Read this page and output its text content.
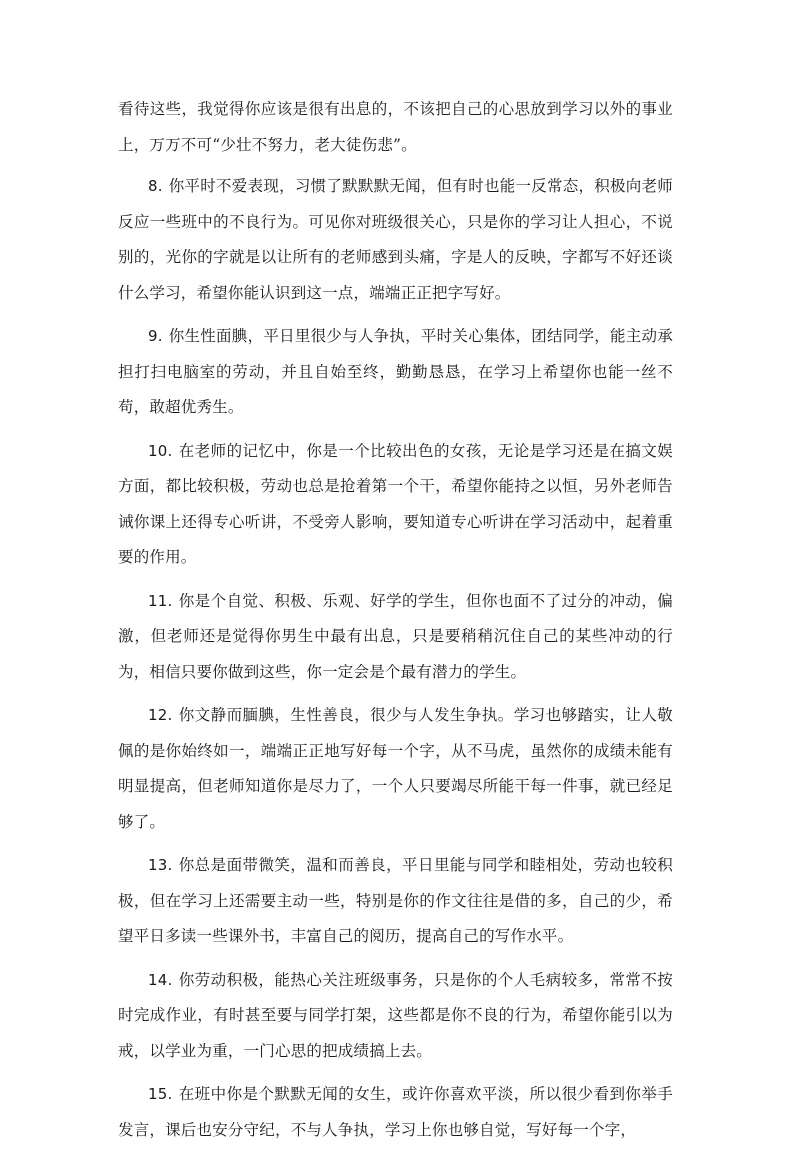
看待这些，我觉得你应该是很有出息的，不该把自己的心思放到学习以外的事业上，万万不可“少壮不努力，老大徒伤悲”。

8. 你平时不爱表现，习惯了默默默无闻，但有时也能一反常态，积极向老师反应一些班中的不良行为。可见你对班级很关心，只是你的学习让人担心，不说别的，光你的字就是以让所有的老师感到头痛，字是人的反映，字都写不好还谈什么学习，希望你能认识到这一点，端端正正把字写好。

9. 你生性面腆，平日里很少与人争执，平时关心集体，团结同学，能主动承担打扫电脑室的劳动，并且自始至终，勤勤恳恳，在学习上希望你也能一丝不苟，敢超优秀生。

10. 在老师的记忆中，你是一个比较出色的女孩，无论是学习还是在搞文娱方面，都比较积极，劳动也总是抢着第一个干，希望你能持之以恒，另外老师告诫你课上还得专心听讲，不受旁人影响，要知道专心听讲在学习活动中，起着重要的作用。

11. 你是个自觉、积极、乐观、好学的学生，但你也面不了过分的冲动，偏激，但老师还是觉得你男生中最有出息，只是要稍稍沉住自己的某些冲动的行为，相信只要你做到这些，你一定会是个最有潜力的学生。

12. 你文静而腼腆，生性善良，很少与人发生争执。学习也够踏实，让人敬佩的是你始终如一，端端正正地写好每一个字，从不马虎，虽然你的成绩未能有明显提高，但老师知道你是尽力了，一个人只要竭尽所能干每一件事，就已经足够了。

13. 你总是面带微笑，温和而善良，平日里能与同学和睦相处，劳动也较积极，但在学习上还需要主动一些，特别是你的作文往往是借的多，自己的少，希望平日多读一些课外书，丰富自己的阅历，提高自己的写作水平。

14. 你劳动积极，能热心关注班级事务，只是你的个人毛病较多，常常不按时完成作业，有时甚至要与同学打架，这些都是你不良的行为，希望你能引以为戒，以学业为重，一门心思的把成绩搞上去。

15. 在班中你是个默默无闻的女生，或许你喜欢平淡，所以很少看到你举手发言，课后也安分守纪，不与人争执，学习上你也够自觉，写好每一个字，
